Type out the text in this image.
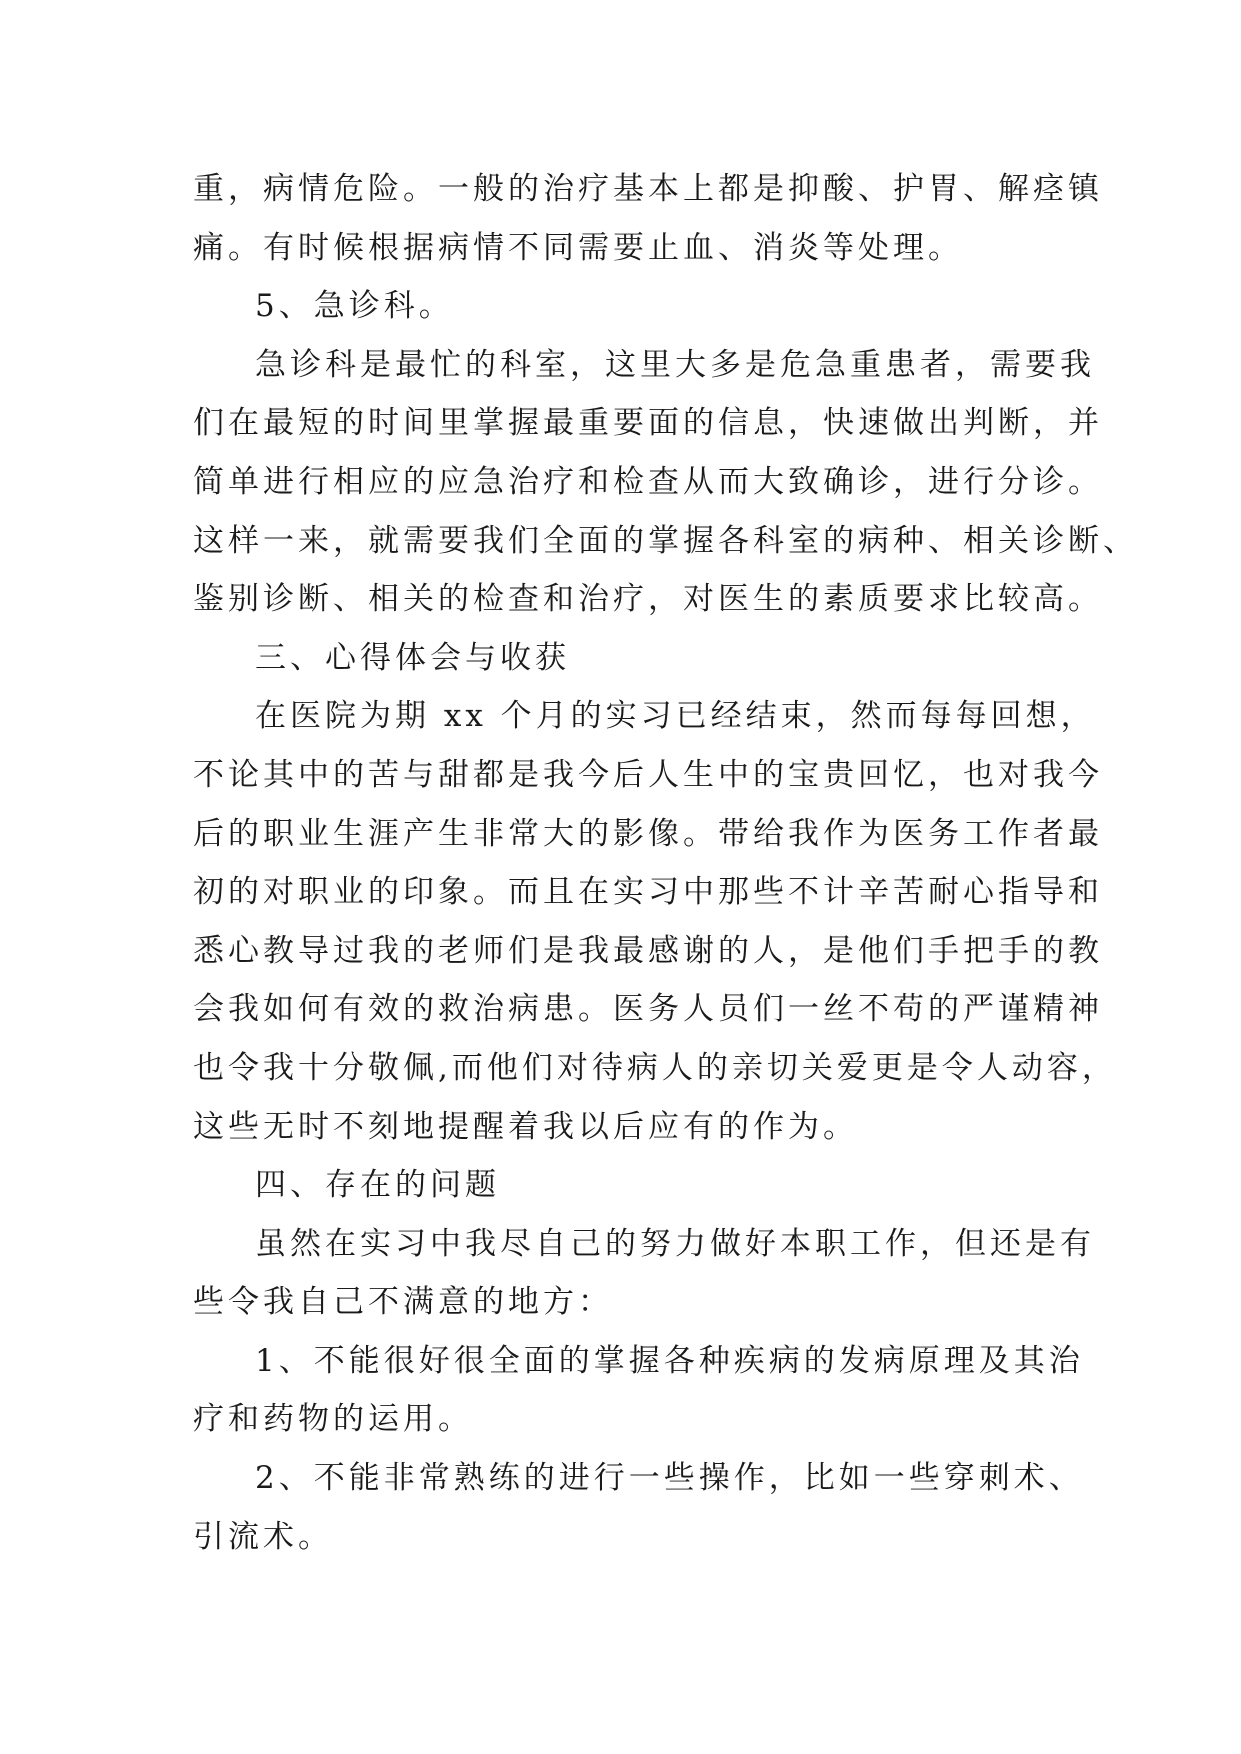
重，病情危险。一般的治疗基本上都是抑酸、护胃、解痉镇
痛。有时候根据病情不同需要止血、消炎等处理。
5、急诊科。
急诊科是最忙的科室，这里大多是危急重患者，需要我
们在最短的时间里掌握最重要面的信息，快速做出判断，并
简单进行相应的应急治疗和检查从而大致确诊，进行分诊。
这样一来，就需要我们全面的掌握各科室的病种、相关诊断、
鉴别诊断、相关的检查和治疗，对医生的素质要求比较高。
三、心得体会与收获
在医院为期 xx 个月的实习已经结束，然而每每回想，
不论其中的苦与甜都是我今后人生中的宝贵回忆，也对我今
后的职业生涯产生非常大的影像。带给我作为医务工作者最
初的对职业的印象。而且在实习中那些不计辛苦耐心指导和
悉心教导过我的老师们是我最感谢的人，是他们手把手的教
会我如何有效的救治病患。医务人员们一丝不苟的严谨精神
也令我十分敬佩,而他们对待病人的亲切关爱更是令人动容，
这些无时不刻地提醒着我以后应有的作为。
四、存在的问题
虽然在实习中我尽自己的努力做好本职工作，但还是有
些令我自己不满意的地方：
1、不能很好很全面的掌握各种疾病的发病原理及其治
疗和药物的运用。
2、不能非常熟练的进行一些操作，比如一些穿刺术、
引流术。
